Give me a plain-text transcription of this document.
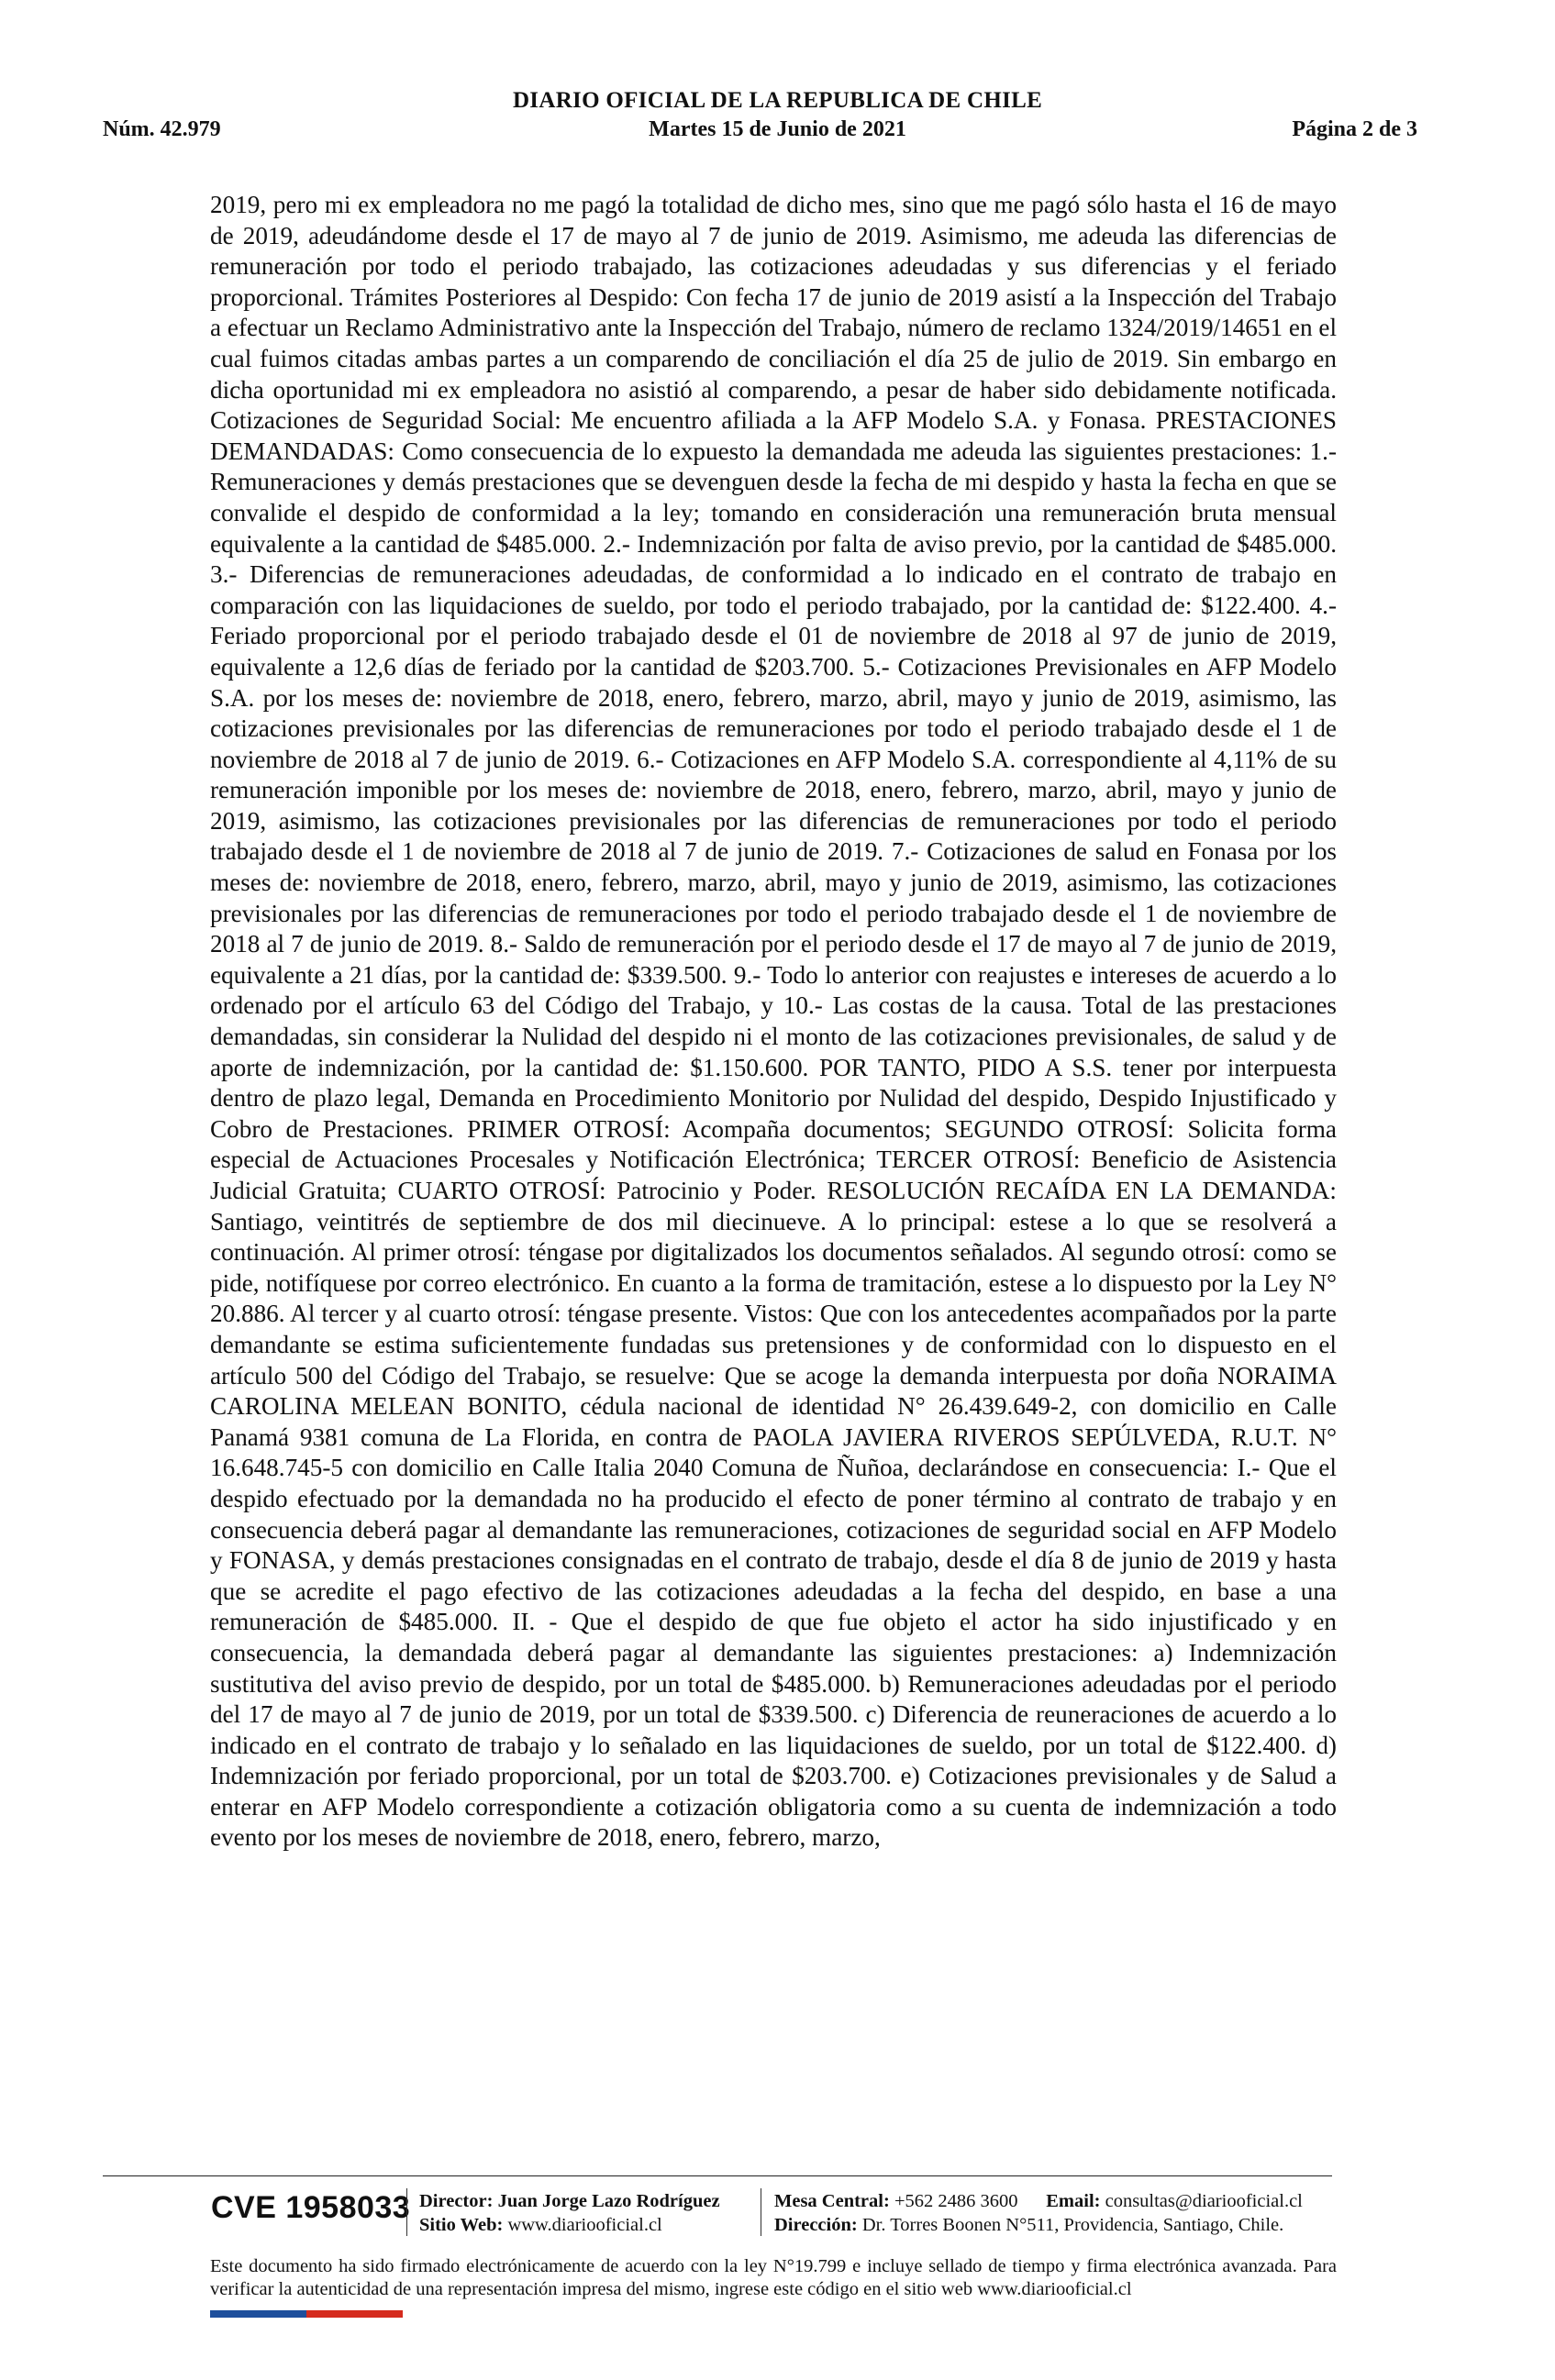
DIARIO OFICIAL DE LA REPUBLICA DE CHILE
Núm. 42.979	Martes 15 de Junio de 2021	Página 2 de 3

2019, pero mi ex empleadora no me pagó la totalidad de dicho mes, sino que me pagó sólo hasta el 16 de mayo de 2019, adeudándome desde el 17 de mayo al 7 de junio de 2019. Asimismo, me adeuda las diferencias de remuneración por todo el periodo trabajado, las cotizaciones adeudadas y sus diferencias y el feriado proporcional. Trámites Posteriores al Despido: Con fecha 17 de junio de 2019 asistí a la Inspección del Trabajo a efectuar un Reclamo Administrativo ante la Inspección del Trabajo, número de reclamo 1324/2019/14651 en el cual fuimos citadas ambas partes a un comparendo de conciliación el día 25 de julio de 2019. Sin embargo en dicha oportunidad mi ex empleadora no asistió al comparendo, a pesar de haber sido debidamente notificada. Cotizaciones de Seguridad Social: Me encuentro afiliada a la AFP Modelo S.A. y Fonasa. PRESTACIONES DEMANDADAS: Como consecuencia de lo expuesto la demandada me adeuda las siguientes prestaciones: 1.- Remuneraciones y demás prestaciones que se devenguen desde la fecha de mi despido y hasta la fecha en que se convalide el despido de conformidad a la ley; tomando en consideración una remuneración bruta mensual equivalente a la cantidad de $485.000. 2.- Indemnización por falta de aviso previo, por la cantidad de $485.000. 3.- Diferencias de remuneraciones adeudadas, de conformidad a lo indicado en el contrato de trabajo en comparación con las liquidaciones de sueldo, por todo el periodo trabajado, por la cantidad de: $122.400. 4.- Feriado proporcional por el periodo trabajado desde el 01 de noviembre de 2018 al 97 de junio de 2019, equivalente a 12,6 días de feriado por la cantidad de $203.700. 5.- Cotizaciones Previsionales en AFP Modelo S.A. por los meses de: noviembre de 2018, enero, febrero, marzo, abril, mayo y junio de 2019, asimismo, las cotizaciones previsionales por las diferencias de remuneraciones por todo el periodo trabajado desde el 1 de noviembre de 2018 al 7 de junio de 2019. 6.- Cotizaciones en AFP Modelo S.A. correspondiente al 4,11% de su remuneración imponible por los meses de: noviembre de 2018, enero, febrero, marzo, abril, mayo y junio de 2019, asimismo, las cotizaciones previsionales por las diferencias de remuneraciones por todo el periodo trabajado desde el 1 de noviembre de 2018 al 7 de junio de 2019. 7.- Cotizaciones de salud en Fonasa por los meses de: noviembre de 2018, enero, febrero, marzo, abril, mayo y junio de 2019, asimismo, las cotizaciones previsionales por las diferencias de remuneraciones por todo el periodo trabajado desde el 1 de noviembre de 2018 al 7 de junio de 2019. 8.- Saldo de remuneración por el periodo desde el 17 de mayo al 7 de junio de 2019, equivalente a 21 días, por la cantidad de: $339.500. 9.- Todo lo anterior con reajustes e intereses de acuerdo a lo ordenado por el artículo 63 del Código del Trabajo, y 10.- Las costas de la causa. Total de las prestaciones demandadas, sin considerar la Nulidad del despido ni el monto de las cotizaciones previsionales, de salud y de aporte de indemnización, por la cantidad de: $1.150.600. POR TANTO, PIDO A S.S. tener por interpuesta dentro de plazo legal, Demanda en Procedimiento Monitorio por Nulidad del despido, Despido Injustificado y Cobro de Prestaciones. PRIMER OTROSÍ: Acompaña documentos; SEGUNDO OTROSÍ: Solicita forma especial de Actuaciones Procesales y Notificación Electrónica; TERCER OTROSÍ: Beneficio de Asistencia Judicial Gratuita; CUARTO OTROSÍ: Patrocinio y Poder. RESOLUCIÓN RECAÍDA EN LA DEMANDA: Santiago, veintitrés de septiembre de dos mil diecinueve. A lo principal: estese a lo que se resolverá a continuación. Al primer otrosí: téngase por digitalizados los documentos señalados. Al segundo otrosí: como se pide, notifíquese por correo electrónico. En cuanto a la forma de tramitación, estese a lo dispuesto por la Ley N° 20.886. Al tercer y al cuarto otrosí: téngase presente. Vistos: Que con los antecedentes acompañados por la parte demandante se estima suficientemente fundadas sus pretensiones y de conformidad con lo dispuesto en el artículo 500 del Código del Trabajo, se resuelve: Que se acoge la demanda interpuesta por doña NORAIMA CAROLINA MELEAN BONITO, cédula nacional de identidad N° 26.439.649-2, con domicilio en Calle Panamá 9381 comuna de La Florida, en contra de PAOLA JAVIERA RIVEROS SEPÚLVEDA, R.U.T. N° 16.648.745-5 con domicilio en Calle Italia 2040 Comuna de Ñuñoa, declarándose en consecuencia: I.- Que el despido efectuado por la demandada no ha producido el efecto de poner término al contrato de trabajo y en consecuencia deberá pagar al demandante las remuneraciones, cotizaciones de seguridad social en AFP Modelo y FONASA, y demás prestaciones consignadas en el contrato de trabajo, desde el día 8 de junio de 2019 y hasta que se acredite el pago efectivo de las cotizaciones adeudadas a la fecha del despido, en base a una remuneración de $485.000. II. - Que el despido de que fue objeto el actor ha sido injustificado y en consecuencia, la demandada deberá pagar al demandante las siguientes prestaciones: a) Indemnización sustitutiva del aviso previo de despido, por un total de $485.000. b) Remuneraciones adeudadas por el periodo del 17 de mayo al 7 de junio de 2019, por un total de $339.500. c) Diferencia de reuneraciones de acuerdo a lo indicado en el contrato de trabajo y lo señalado en las liquidaciones de sueldo, por un total de $122.400. d) Indemnización por feriado proporcional, por un total de $203.700. e) Cotizaciones previsionales y de Salud a enterar en AFP Modelo correspondiente a cotización obligatoria como a su cuenta de indemnización a todo evento por los meses de noviembre de 2018, enero, febrero, marzo,

CVE 1958033 Director: Juan Jorge Lazo Rodríguez
Sitio Web: www.diariooficial.cl
Mesa Central: +562 2486 3600 Email: consultas@diariooficial.cl
Dirección: Dr. Torres Boonen N°511, Providencia, Santiago, Chile.
Este documento ha sido firmado electrónicamente de acuerdo con la ley N°19.799 e incluye sellado de tiempo y firma electrónica avanzada. Para verificar la autenticidad de una representación impresa del mismo, ingrese este código en el sitio web www.diariooficial.cl
